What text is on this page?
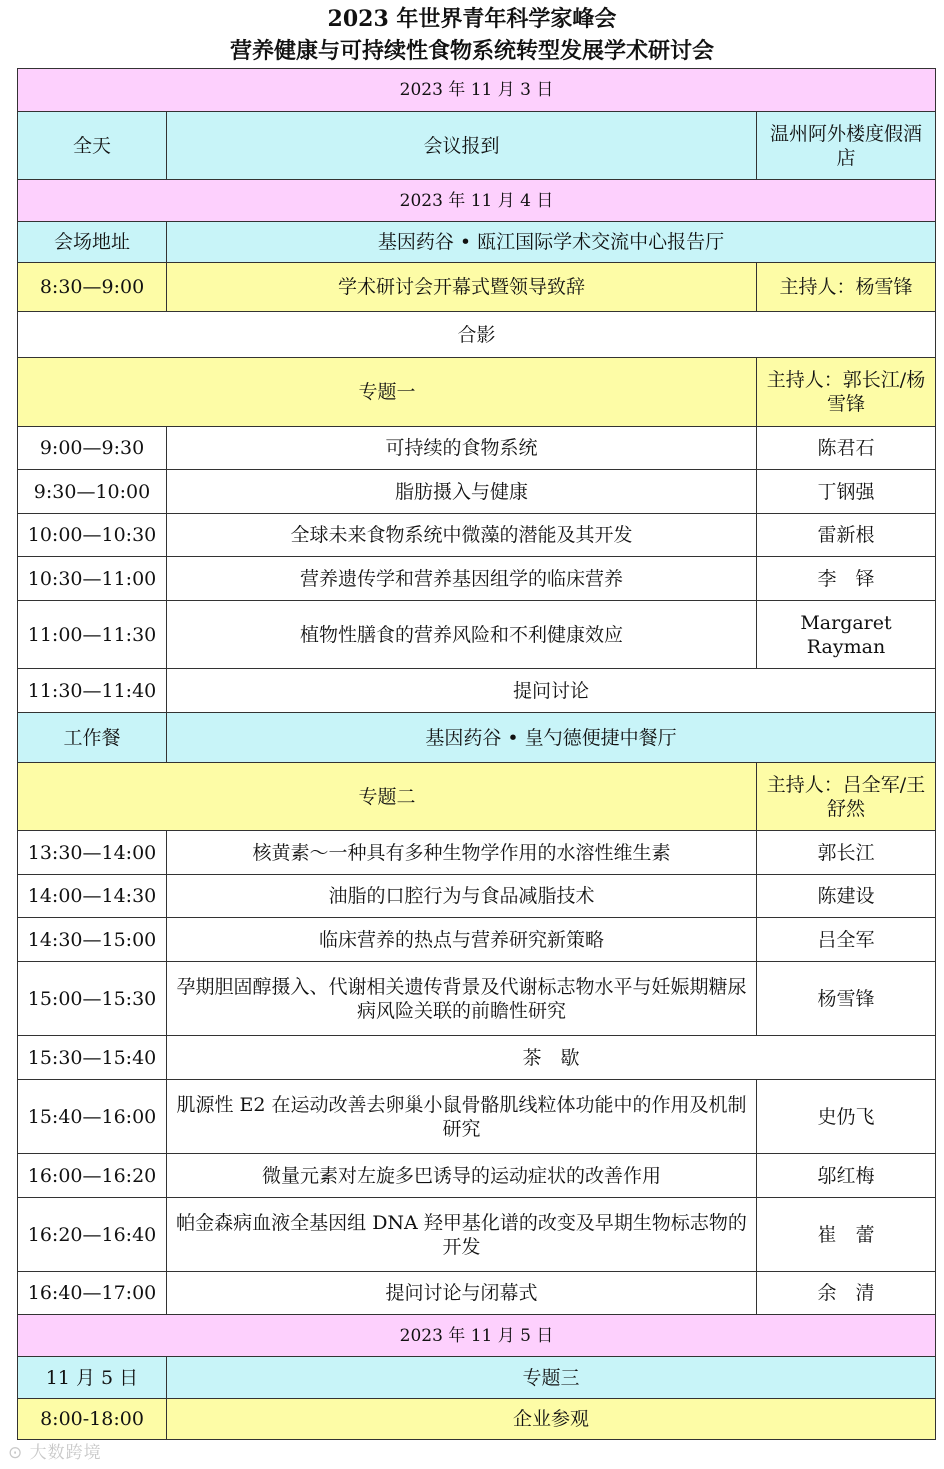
2023 年世界青年科学家峰会
营养健康与可持续性食物系统转型发展学术研讨会
2023 年 11 月 3 日		
全天	会议报到	温州阿外楼度假酒店
2023 年 11 月 4 日		
会场地址	基因药谷 • 瓯江国际学术交流中心报告厅	
8:30—9:00	学术研讨会开幕式暨领导致辞	主持人：杨雪锋
合影		
专题一		主持人：郭长江/杨雪锋
9:00—9:30	可持续的食物系统	陈君石
9:30—10:00	脂肪摄入与健康	丁钢强
10:00—10:30	全球未来食物系统中微藻的潜能及其开发	雷新根
10:30—11:00	营养遗传学和营养基因组学的临床营养	李　铎
11:00—11:30	植物性膳食的营养风险和不利健康效应	Margaret Rayman
11:30—11:40	提问讨论	
工作餐	基因药谷 • 皇勺德便捷中餐厅	
专题二		主持人：吕全军/王舒然
13:30—14:00	核黄素～一种具有多种生物学作用的水溶性维生素	郭长江
14:00—14:30	油脂的口腔行为与食品减脂技术	陈建设
14:30—15:00	临床营养的热点与营养研究新策略	吕全军
15:00—15:30	孕期胆固醇摄入、代谢相关遗传背景及代谢标志物水平与妊娠期糖尿病风险关联的前瞻性研究	杨雪锋
15:30—15:40	茶　歇	
15:40—16:00	肌源性 E2 在运动改善去卵巢小鼠骨骼肌线粒体功能中的作用及机制研究	史仍飞
16:00—16:20	微量元素对左旋多巴诱导的运动症状的改善作用	邬红梅
16:20—16:40	帕金森病血液全基因组 DNA 羟甲基化谱的改变及早期生物标志物的开发	崔　蕾
16:40—17:00	提问讨论与闭幕式	余　清
2023 年 11 月 5 日		
11 月 5 日	专题三	
8:00-18:00	企业参观	
⊙ 大数跨境
